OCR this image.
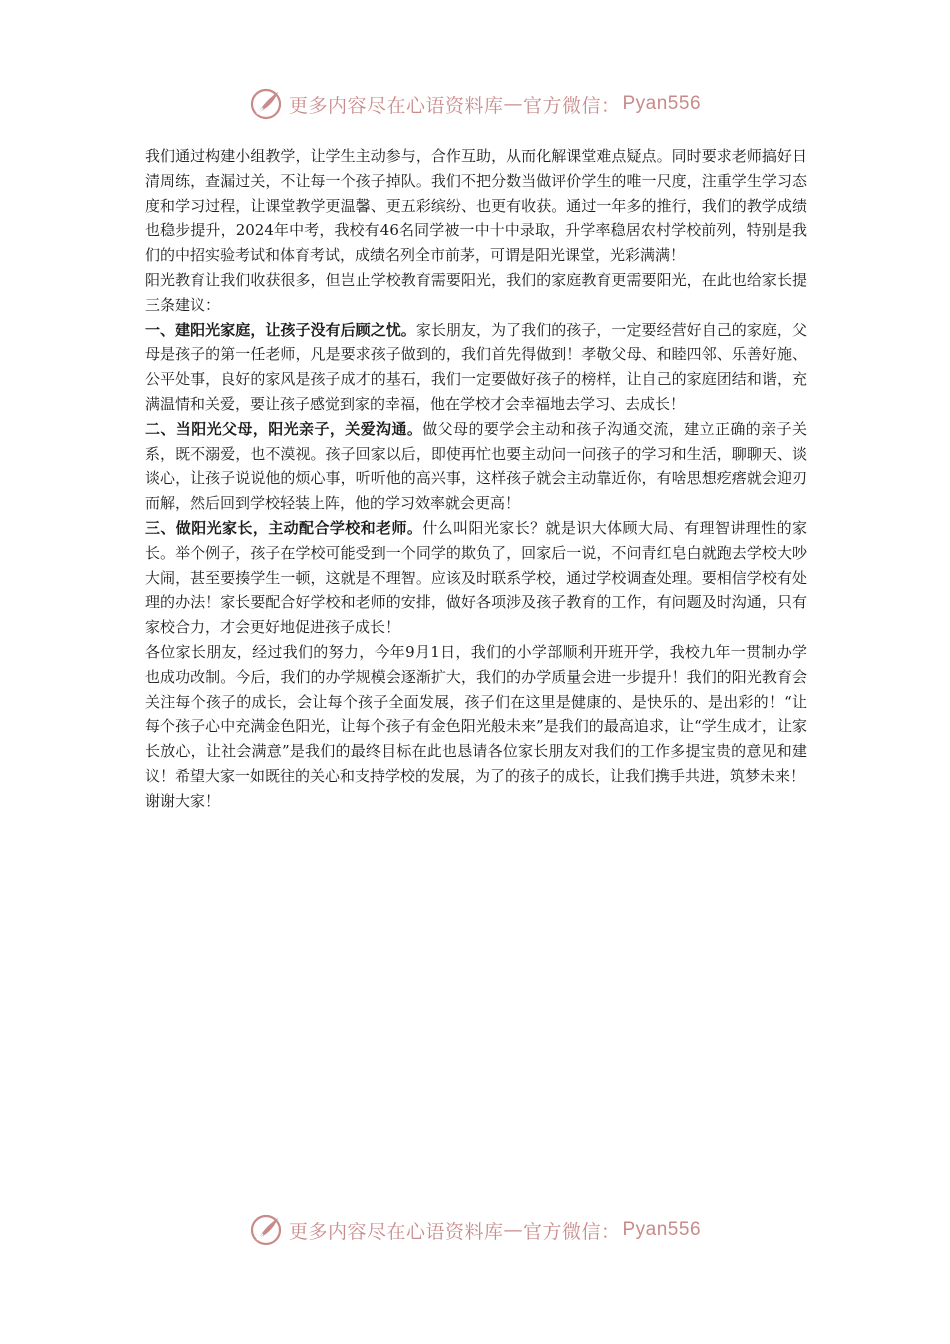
更多内容尽在心语资料库 — 官方微信： Pyan556

我们通过构建小组教学，让学生主动参与，合作互助，从而化解课堂难点疑点。同时要求老师搞好日清周练，查漏过关，不让每一个孩子掉队。我们不把分数当做评价学生的唯一尺度，注重学生学习态度和学习过程，让课堂教学更温馨、更五彩缤纷、也更有收获。通过一年多的推行，我们的教学成绩也稳步提升，2024年中考，我校有46名同学被一中十中录取，升学率稳居农村学校前列，特别是我们的中招实验考试和体育考试，成绩名列全市前茅，可谓是阳光课堂，光彩满满！

阳光教育让我们收获很多，但岂止学校教育需要阳光，我们的家庭教育更需要阳光，在此也给家长提三条建议：

一、建阳光家庭，让孩子没有后顾之忧。家长朋友，为了我们的孩子，一定要经营好自己的家庭，父母是孩子的第一任老师，凡是要求孩子做到的，我们首先得做到！孝敬父母、和睦四邻、乐善好施、公平处事，良好的家风是孩子成才的基石，我们一定要做好孩子的榜样，让自己的家庭团结和谐，充满温情和关爱，要让孩子感觉到家的幸福，他在学校才会幸福地去学习、去成长！

二、当阳光父母，阳光亲子，关爱沟通。做父母的要学会主动和孩子沟通交流，建立正确的亲子关系，既不溺爱，也不漠视。孩子回家以后，即使再忙也要主动问一问孩子的学习和生活，聊聊天、谈谈心，让孩子说说他的烦心事，听听他的高兴事，这样孩子就会主动靠近你，有啥思想疙瘩就会迎刃而解，然后回到学校轻装上阵，他的学习效率就会更高！

三、做阳光家长，主动配合学校和老师。什么叫阳光家长？就是识大体顾大局、有理智讲理性的家长。举个例子，孩子在学校可能受到一个同学的欺负了，回家后一说，不问青红皂白就跑去学校大吵大闹，甚至要揍学生一顿，这就是不理智。应该及时联系学校，通过学校调查处理。要相信学校有处理的办法！家长要配合好学校和老师的安排，做好各项涉及孩子教育的工作，有问题及时沟通，只有家校合力，才会更好地促进孩子成长！

各位家长朋友，经过我们的努力，今年9月1日，我们的小学部顺利开班开学，我校九年一贯制办学也成功改制。今后，我们的办学规模会逐渐扩大，我们的办学质量会进一步提升！我们的阳光教育会关注每个孩子的成长，会让每个孩子全面发展，孩子们在这里是健康的、是快乐的、是出彩的！“让每个孩子心中充满金色阳光，让每个孩子有金色阳光般未来”是我们的最高追求，让“学生成才，让家长放心，让社会满意”是我们的最终目标在此也恳请各位家长朋友对我们的工作多提宝贵的意见和建议！希望大家一如既往的关心和支持学校的发展，为了的孩子的成长，让我们携手共进，筑梦未来！

谢谢大家！

更多内容尽在心语资料库 — 官方微信： Pyan556
